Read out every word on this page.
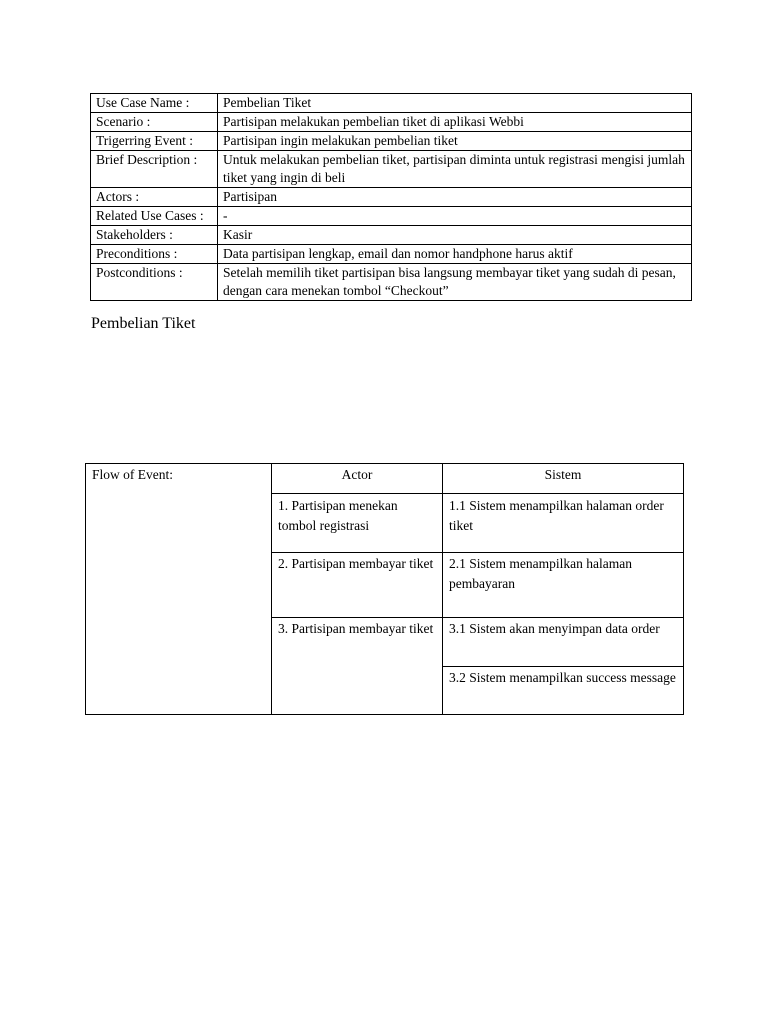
Use Case Name :	Pembelian Tiket
Scenario :	Partisipan melakukan pembelian tiket di aplikasi Webbi
Trigerring Event :	Partisipan ingin melakukan pembelian tiket
Brief Description :	Untuk melakukan pembelian tiket, partisipan diminta untuk registrasi mengisi jumlah tiket yang ingin di beli
Actors :	Partisipan
Related Use Cases :	-
Stakeholders :	Kasir
Preconditions :	Data partisipan lengkap, email dan nomor handphone harus aktif
Postconditions :	Setelah memilih tiket partisipan bisa langsung membayar tiket yang sudah di pesan, dengan cara menekan tombol “Checkout”
Pembelian Tiket
Flow of Event:	Actor	Sistem
	1. Partisipan menekan tombol registrasi	1.1 Sistem menampilkan halaman order tiket
	2. Partisipan membayar tiket	2.1 Sistem menampilkan halaman pembayaran
	3. Partisipan membayar tiket	3.1 Sistem akan menyimpan data order
		3.2 Sistem menampilkan success message
